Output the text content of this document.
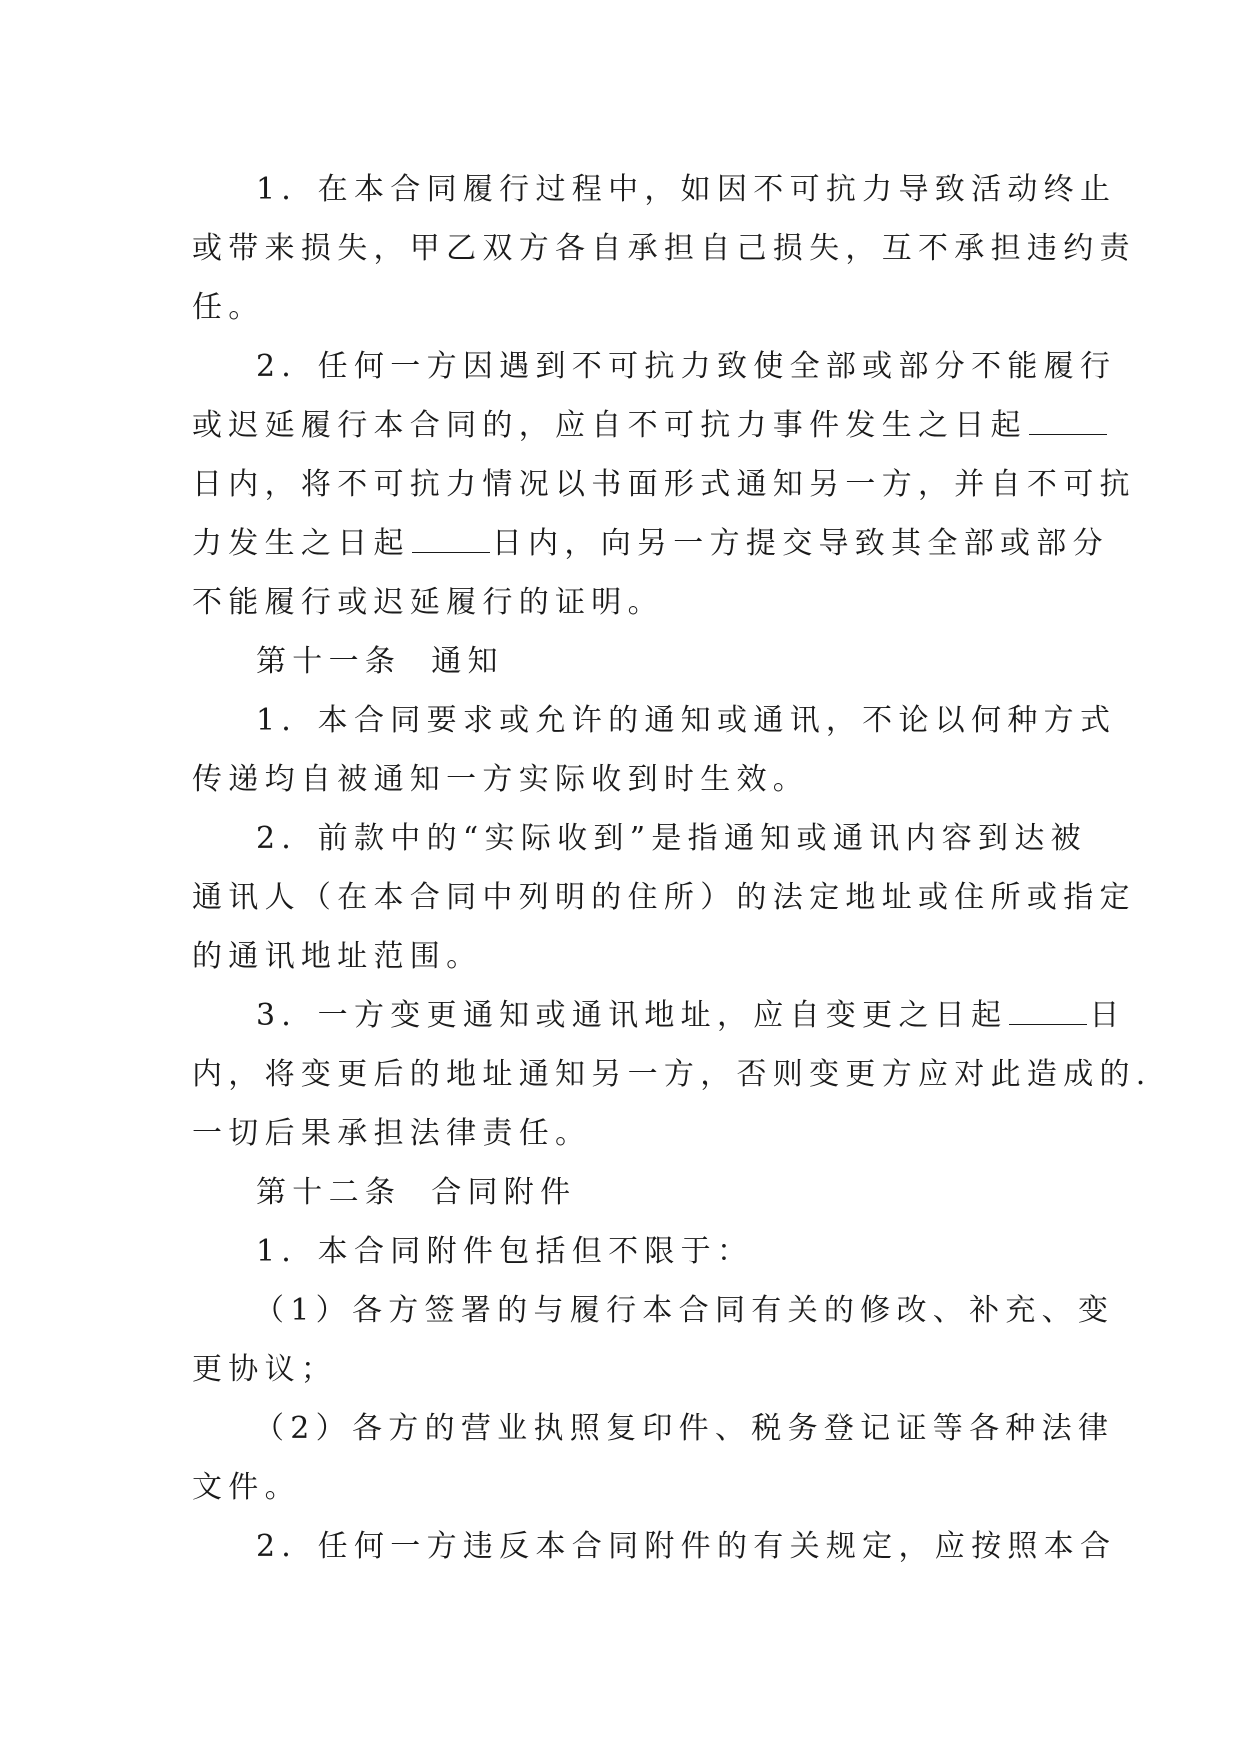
1．在本合同履行过程中，如因不可抗力导致活动终止
或带来损失，甲乙双方各自承担自己损失，互不承担违约责
任。
2．任何一方因遇到不可抗力致使全部或部分不能履行
或迟延履行本合同的，应自不可抗力事件发生之日起
日内，将不可抗力情况以书面形式通知另一方，并自不可抗
力发生之日起	日内，向另一方提交导致其全部或部分
不能履行或迟延履行的证明。
第十一条 通知
1．本合同要求或允许的通知或通讯，不论以何种方式
传递均自被通知一方实际收到时生效。
2．前款中的“实际收到”是指通知或通讯内容到达被
通讯人（在本合同中列明的住所）的法定地址或住所或指定
的通讯地址范围。
3．一方变更通知或通讯地址，应自变更之日起	日
内，将变更后的地址通知另一方，否则变更方应对此造成的.
一切后果承担法律责任。
第十二条 合同附件
1．本合同附件包括但不限于：
（1）各方签署的与履行本合同有关的修改、补充、变
更协议；
（2）各方的营业执照复印件、税务登记证等各种法律
文件。
2．任何一方违反本合同附件的有关规定，应按照本合
